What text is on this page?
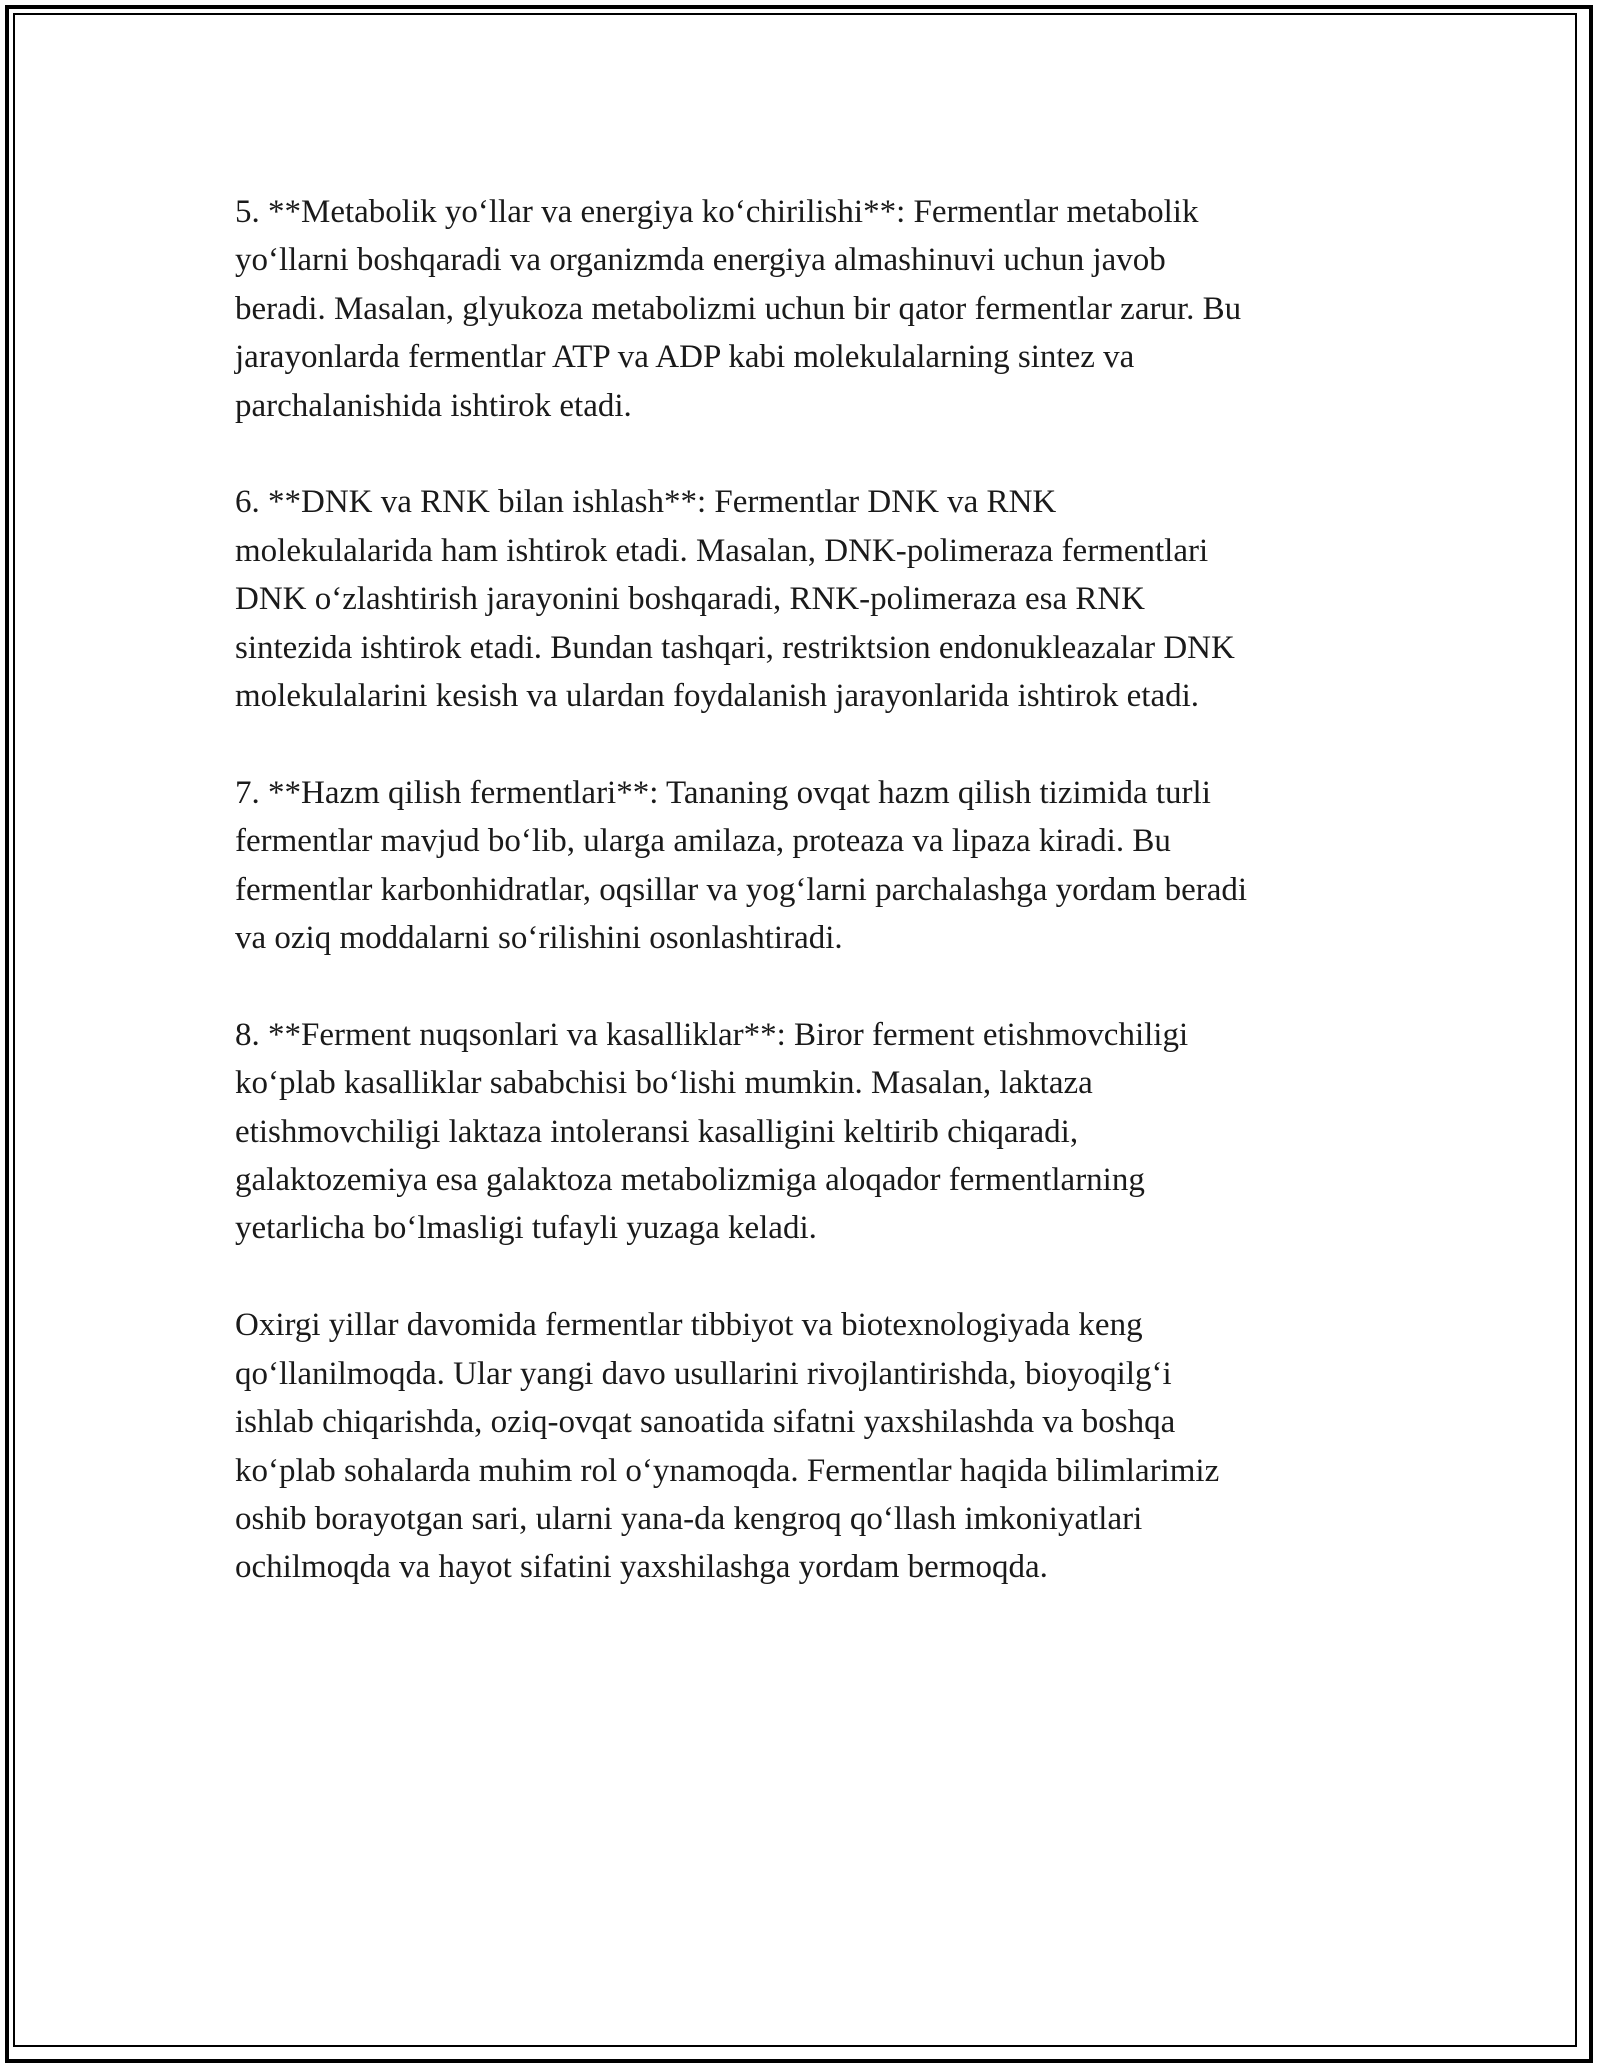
5. **Metabolik yo‘llar va energiya ko‘chirilishi**: Fermentlar metabolik
yo‘llarni boshqaradi va organizmda energiya almashinuvi uchun javob
beradi. Masalan, glyukoza metabolizmi uchun bir qator fermentlar zarur. Bu
jarayonlarda fermentlar ATP va ADP kabi molekulalarning sintez va
parchalanishida ishtirok etadi.

6. **DNK va RNK bilan ishlash**: Fermentlar DNK va RNK
molekulalarida ham ishtirok etadi. Masalan, DNK-polimeraza fermentlari
DNK o‘zlashtirish jarayonini boshqaradi, RNK-polimeraza esa RNK
sintezida ishtirok etadi. Bundan tashqari, restriktsion endonukleazalar DNK
molekulalarini kesish va ulardan foydalanish jarayonlarida ishtirok etadi.

7. **Hazm qilish fermentlari**: Tananing ovqat hazm qilish tizimida turli
fermentlar mavjud bo‘lib, ularga amilaza, proteaza va lipaza kiradi. Bu
fermentlar karbonhidratlar, oqsillar va yog‘larni parchalashga yordam beradi
va oziq moddalarni so‘rilishini osonlashtiradi.

8. **Ferment nuqsonlari va kasalliklar**: Biror ferment etishmovchiligi
ko‘plab kasalliklar sababchisi bo‘lishi mumkin. Masalan, laktaza
etishmovchiligi laktaza intoleransi kasalligini keltirib chiqaradi,
galaktozemiya esa galaktoza metabolizmiga aloqador fermentlarning
yetarlicha bo‘lmasligi tufayli yuzaga keladi.

Oxirgi yillar davomida fermentlar tibbiyot va biotexnologiyada keng
qo‘llanilmoqda. Ular yangi davo usullarini rivojlantirishda, bioyoqilg‘i
ishlab chiqarishda, oziq-ovqat sanoatida sifatni yaxshilashda va boshqa
ko‘plab sohalarda muhim rol o‘ynamoqda. Fermentlar haqida bilimlarimiz
oshib borayotgan sari, ularni yana-da kengroq qo‘llash imkoniyatlari
ochilmoqda va hayot sifatini yaxshilashga yordam bermoqda.
